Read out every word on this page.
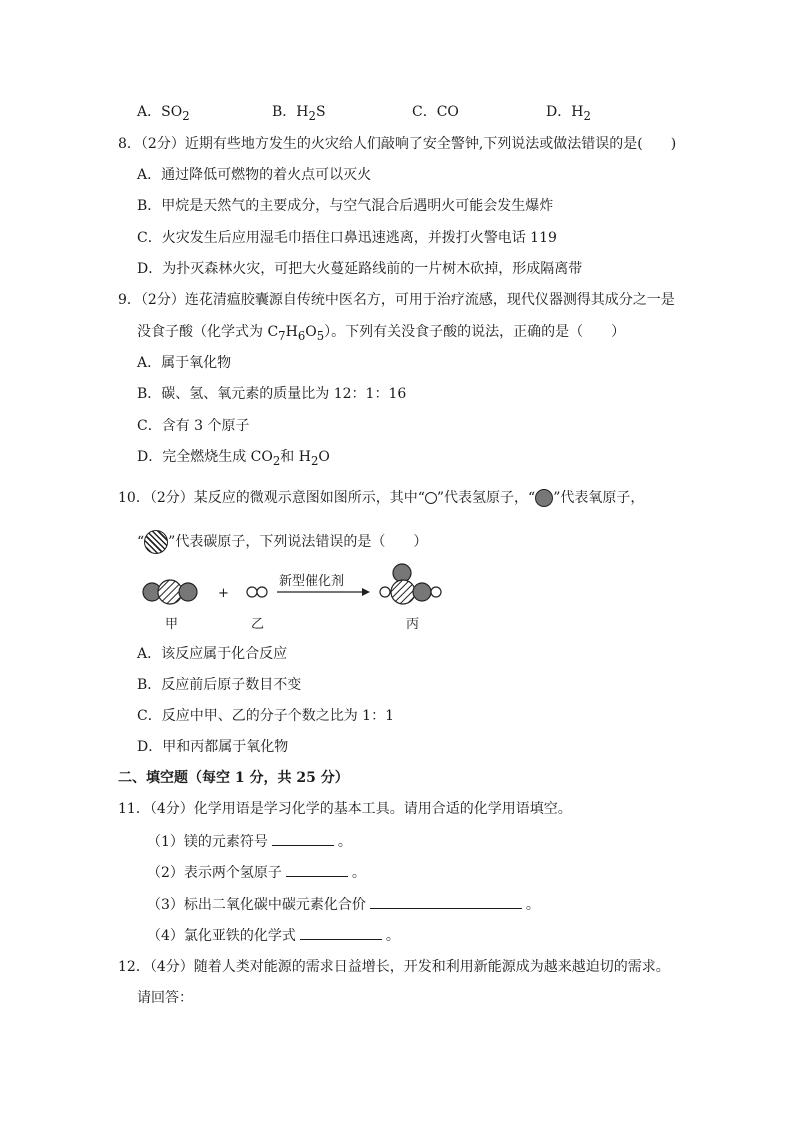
A．$SO_2$	B．$H_2S$	C．CO	D．$H_2$
8．（2分）近期有些地方发生的火灾给人们敲响了安全警钟,下列说法或做法错误的是(　　)
A．通过降低可燃物的着火点可以灭火
B．甲烷是天然气的主要成分，与空气混合后遇明火可能会发生爆炸
C．火灾发生后应用湿毛巾捂住口鼻迅速逃离，并拨打火警电话 119
D．为扑灭森林火灾，可把大火蔓延路线前的一片树木砍掉，形成隔离带
9．（2分）连花清瘟胶囊源自传统中医名方，可用于治疗流感，现代仪器测得其成分之一是
没食子酸（化学式为 $C_7H_6O_5$）。下列有关没食子酸的说法，正确的是（　　）
A．属于氧化物
B．碳、氢、氧元素的质量比为 12：1：16
C．含有 3 个原子
D．完全燃烧生成 $CO_2$和 $H_2O$
10．（2分）某反应的微观示意图如图所示，其中“ ”代表氢原子，“ ”代表氧原子，
“ ”代表碳原子，下列说法错误的是（　　）
+
新型催化剂
甲	乙	丙
A．该反应属于化合反应
B．反应前后原子数目不变
C．反应中甲、乙的分子个数之比为 1：1
D．甲和丙都属于氧化物
二、填空题（每空 1 分，共 25 分）
11．（4分）化学用语是学习化学的基本工具。请用合适的化学用语填空。
（1）镁的元素符号	。
（2）表示两个氢原子	。
（3）标出二氧化碳中碳元素化合价	。
（4）氯化亚铁的化学式	。
12．（4分）随着人类对能源的需求日益增长，开发和利用新能源成为越来越迫切的需求。
请回答：
